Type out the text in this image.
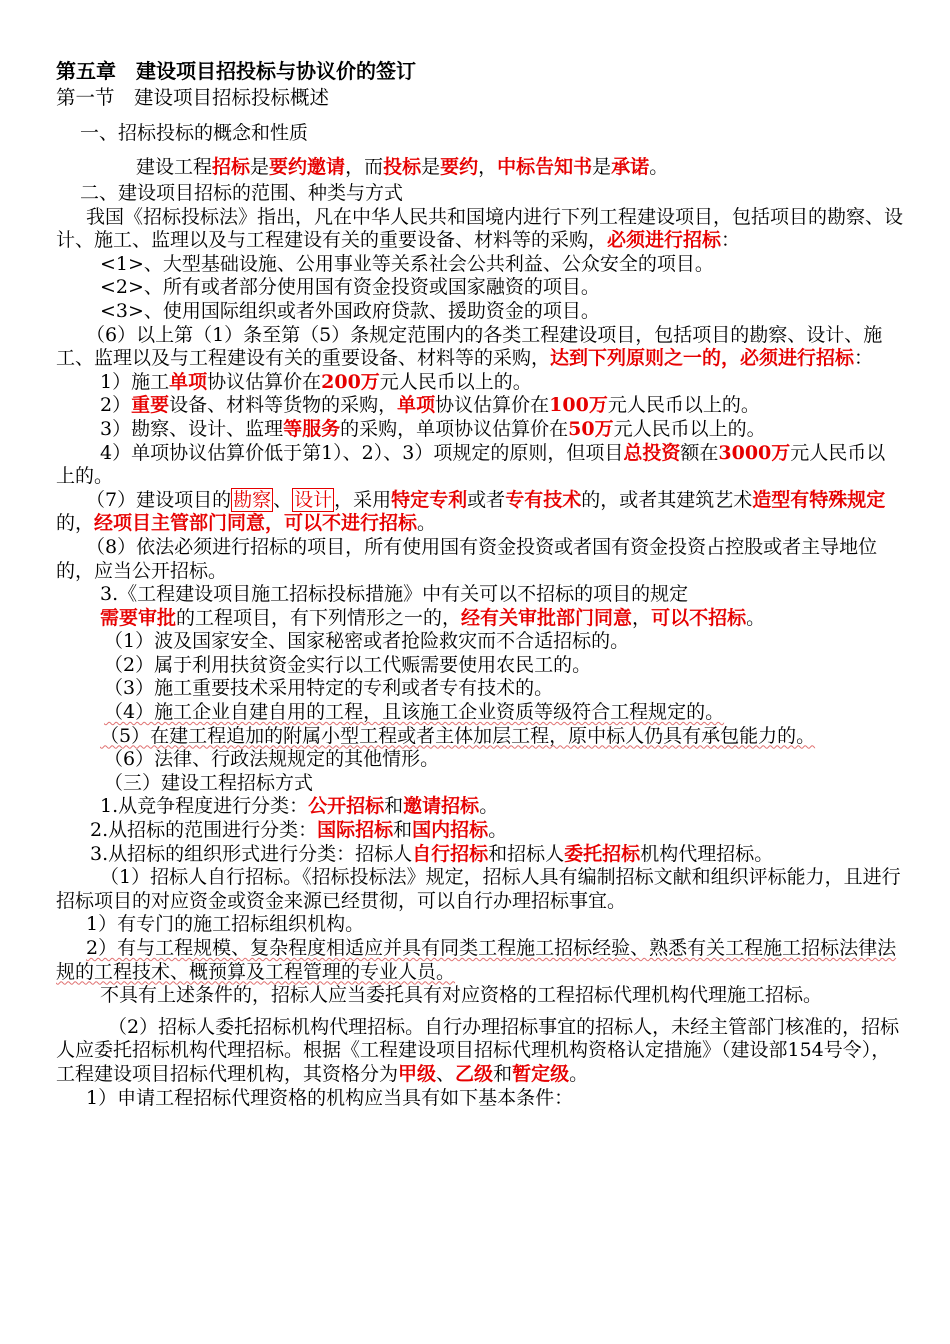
第五章　建设项目招投标与协议价的签订

第一节　建设项目招标投标概述

一、招标投标的概念和性质

建设工程招标是要约邀请，而投标是要约，中标告知书是承诺。

二、建设项目招标的范围、种类与方式

我国《招标投标法》指出，凡在中华人民共和国境内进行下列工程建设项目，包括项目的勘察、设计、施工、监理以及与工程建设有关的重要设备、材料等的采购，必须进行招标：

<1>、大型基础设施、公用事业等关系社会公共利益、公众安全的项目。

<2>、所有或者部分使用国有资金投资或国家融资的项目。

<3>、使用国际组织或者外国政府贷款、援助资金的项目。

（6）以上第（1）条至第（5）条规定范围内的各类工程建设项目，包括项目的勘察、设计、施工、监理以及与工程建设有关的重要设备、材料等的采购，达到下列原则之一的，必须进行招标：

1）施工单项协议估算价在200万元人民币以上的。

2）重要设备、材料等货物的采购，单项协议估算价在100万元人民币以上的。

3）勘察、设计、监理等服务的采购，单项协议估算价在50万元人民币以上的。

4）单项协议估算价低于第1）、2）、3）项规定的原则，但项目总投资额在3000万元人民币以上的。

（7）建设项目的 勘察 、 设计 ，采用特定专利或者专有技术的，或者其建筑艺术造型有特殊规定的，经项目主管部门同意，可以不进行招标。

（8）依法必须进行招标的项目，所有使用国有资金投资或者国有资金投资占控股或者主导地位的，应当公开招标。

3.《工程建设项目施工招标投标措施》中有关可以不招标的项目的规定

需要审批的工程项目，有下列情形之一的，经有关审批部门同意，可以不招标。

（1）波及国家安全、国家秘密或者抢险救灾而不合适招标的。

（2）属于利用扶贫资金实行以工代赈需要使用农民工的。

（3）施工重要技术采用特定的专利或者专有技术的。

（4）施工企业自建自用的工程，且该施工企业资质等级符合工程规定的。

（5）在建工程追加的附属小型工程或者主体加层工程，原中标人仍具有承包能力的。

（6）法律、行政法规规定的其他情形。

（三）建设工程招标方式

1.从竞争程度进行分类：公开招标和邀请招标。

2.从招标的范围进行分类：国际招标和国内招标。

3.从招标的组织形式进行分类：招标人自行招标和招标人委托招标机构代理招标。

（1）招标人自行招标。《招标投标法》规定，招标人具有编制招标文献和组织评标能力，且进行招标项目的对应资金或资金来源已经贯彻，可以自行办理招标事宜。

1）有专门的施工招标组织机构。

2）有与工程规模、复杂程度相适应并具有同类工程施工招标经验、熟悉有关工程施工招标法律法规的工程技术、概预算及工程管理的专业人员。

不具有上述条件的，招标人应当委托具有对应资格的工程招标代理机构代理施工招标。

（2）招标人委托招标机构代理招标。自行办理招标事宜的招标人，未经主管部门核准的，招标人应委托招标机构代理招标。根据《工程建设项目招标代理机构资格认定措施》（建设部154号令），工程建设项目招标代理机构，其资格分为甲级、乙级和暂定级。

1）申请工程招标代理资格的机构应当具有如下基本条件：
